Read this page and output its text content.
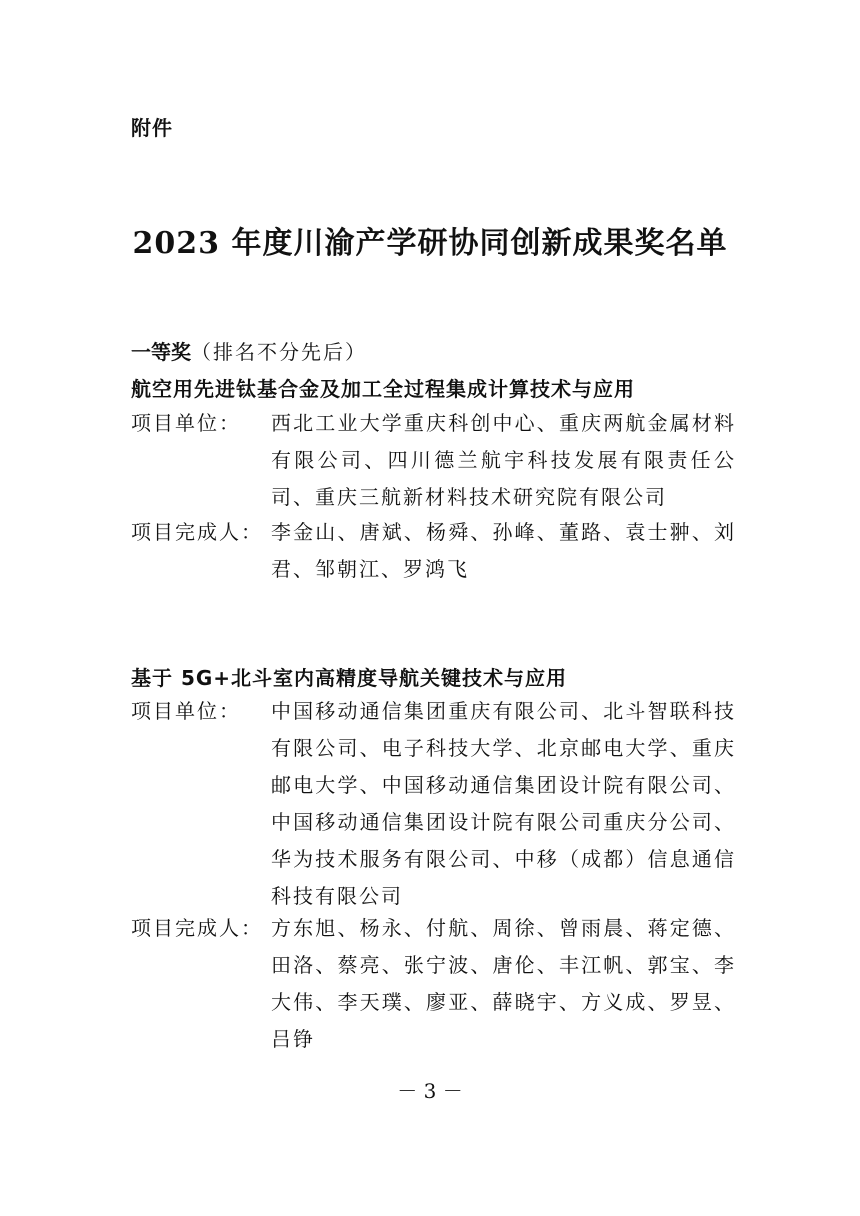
附件
2023 年度川渝产学研协同创新成果奖名单
一等奖（排名不分先后）
航空用先进钛基合金及加工全过程集成计算技术与应用
项目单位：	西北工业大学重庆科创中心、重庆两航金属材料有限公司、四川德兰航宇科技发展有限责任公司、重庆三航新材料技术研究院有限公司
项目完成人： 李金山、唐斌、杨舜、孙峰、董路、袁士翀、刘君、邹朝江、罗鸿飞
基于 5G+北斗室内高精度导航关键技术与应用
项目单位：	中国移动通信集团重庆有限公司、北斗智联科技有限公司、电子科技大学、北京邮电大学、重庆邮电大学、中国移动通信集团设计院有限公司、中国移动通信集团设计院有限公司重庆分公司、华为技术服务有限公司、中移（成都）信息通信科技有限公司
项目完成人： 方东旭、杨永、付航、周徐、曾雨晨、蒋定德、田洛、蔡亮、张宁波、唐伦、丰江帆、郭宝、李大伟、李天璞、廖亚、薛晓宇、方义成、罗昱、吕铮
－ 3 －
